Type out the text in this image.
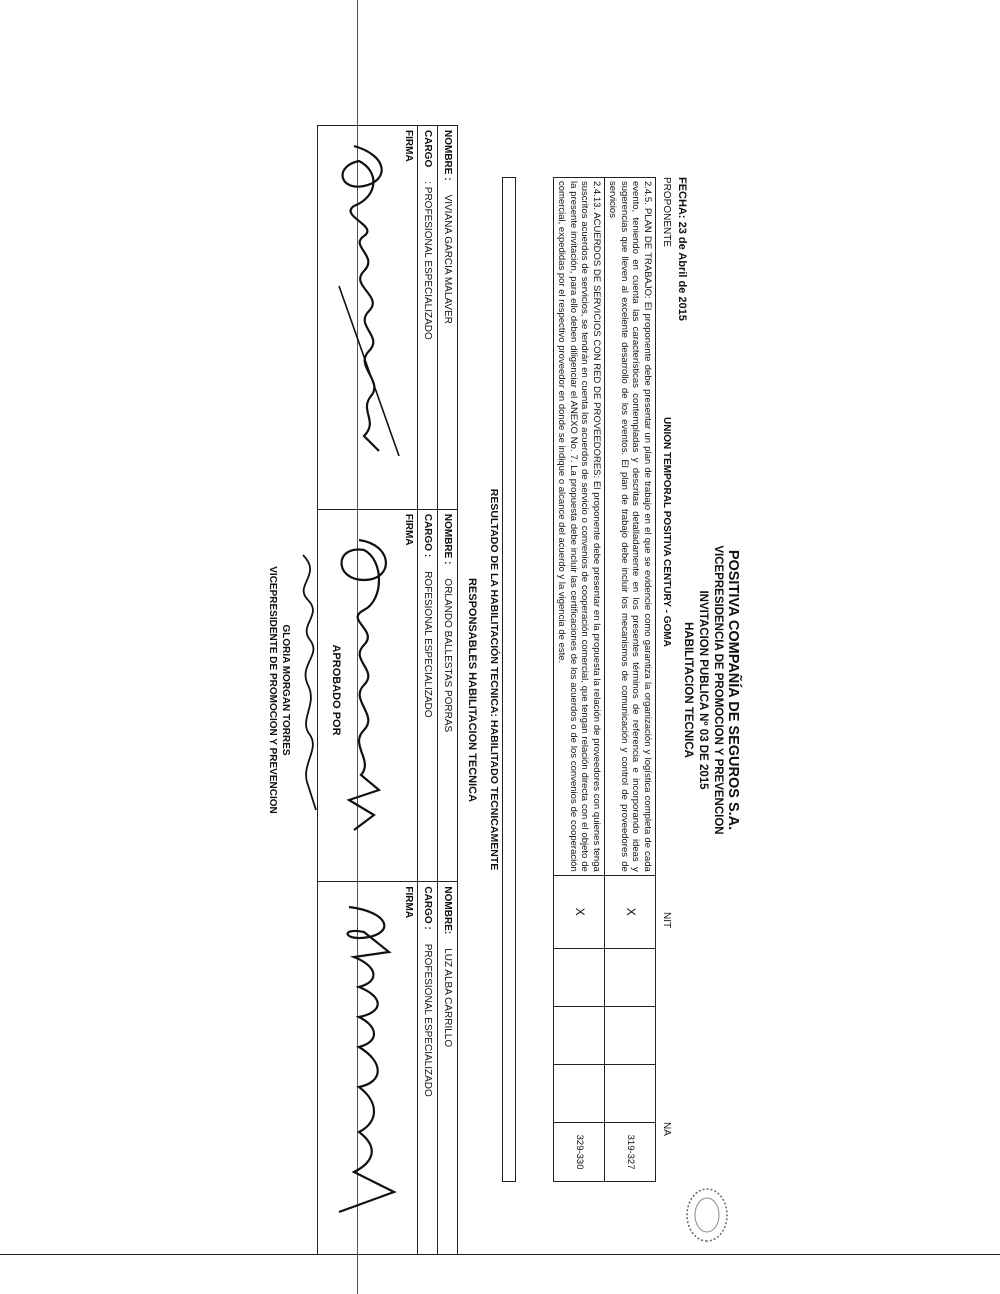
POSITIVA COMPAÑÍA DE SEGUROS S.A.
VICEPRESIDENCIA DE PROMOCION Y PREVENCION
INVITACION PUBLICA Nº 03 DE 2015
HABILITACION TECNICA
FECHA: 23 de Abril de 2015
PROPONENTE
UNION TEMPORAL POSITIVA CENTURY - GOMA
NIT
NA
2.4.5. PLAN DE TRABAJO: El proponente debe presentar un plan de trabajo en el que se evidencie como garantiza la organización y logística completa de cada evento, teniendo en cuenta las características contempladas y descritas detalladamente en los presentes términos de referencia e incorporando ideas y sugerencias que lleven al excelente desarrollo de los eventos. El plan de trabajo debe incluir los mecanismos de comunicación y control de proveedores de servicios	X				319-327
2.4.13. ACUERDOS DE SERVICIOS CON RED DE PROVEEDORES: El proponente debe presentar en la propuesta la relación de proveedores con quienes tenga suscritos acuerdos de servicios, se tendrán en cuenta los acuerdos de servicio o convenios de cooperación comercial, que tengan relación directa con el objeto de la presente invitación, para ello deben diligenciar el ANEXO No. 7. La propuesta debe incluir las certificaciones de los acuerdos o de los convenios de cooperación comercial, expedidas por el respectivo proveedor en donde se indique o alcance del acuerdo y la vigencia de este.	X				329-330
RESULTADO DE LA HABILITACIÓN TECNICA: HABILITADO TECNICAMENTE
RESPONSABLES HABILITACION TECNICA
NOMBRE :VIVIANA GARCIA MALAVER	NOMBRE :ORLANDO BALLESTAS PORRAS	NOMBRE:LUZ ALBA CARRILLO
CARGO: PROFESIONAL ESPECIALIZADO	CARGO :ROFESIONAL ESPECIALIZADO	CARGO :PROFESIONAL ESPECIALIZADO
FIRMA	FIRMA	FIRMA
APROBADO POR
GLORIA MORGAN TORRES
VICEPRESIDENTE DE PROMOCION Y PREVENCION
